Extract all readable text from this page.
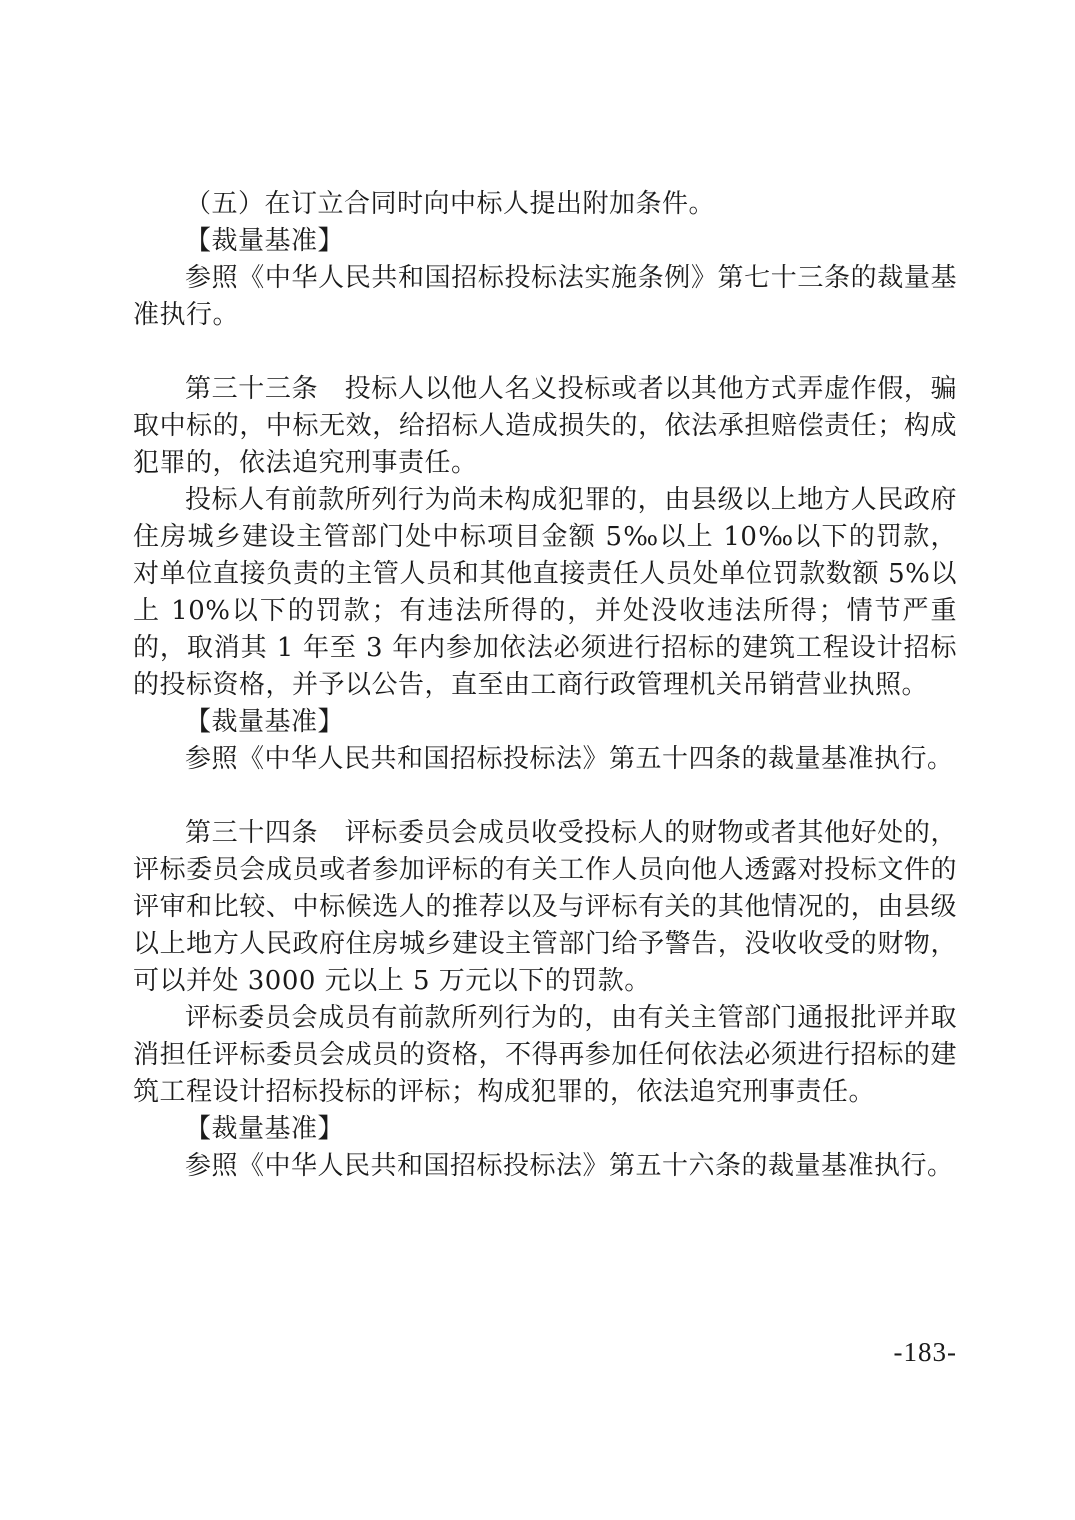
（五）在订立合同时向中标人提出附加条件。

【裁量基准】

参照《中华人民共和国招标投标法实施条例》第七十三条的裁量基准执行。

第三十三条　投标人以他人名义投标或者以其他方式弄虚作假，骗取中标的，中标无效，给招标人造成损失的，依法承担赔偿责任；构成犯罪的，依法追究刑事责任。

投标人有前款所列行为尚未构成犯罪的，由县级以上地方人民政府住房城乡建设主管部门处中标项目金额 5‰以上 10‰以下的罚款，对单位直接负责的主管人员和其他直接责任人员处单位罚款数额 5%以上 10%以下的罚款；有违法所得的，并处没收违法所得；情节严重的，取消其 1 年至 3 年内参加依法必须进行招标的建筑工程设计招标的投标资格，并予以公告，直至由工商行政管理机关吊销营业执照。

【裁量基准】

参照《中华人民共和国招标投标法》第五十四条的裁量基准执行。

第三十四条　评标委员会成员收受投标人的财物或者其他好处的，评标委员会成员或者参加评标的有关工作人员向他人透露对投标文件的评审和比较、中标候选人的推荐以及与评标有关的其他情况的，由县级以上地方人民政府住房城乡建设主管部门给予警告，没收收受的财物，可以并处 3000 元以上 5 万元以下的罚款。

评标委员会成员有前款所列行为的，由有关主管部门通报批评并取消担任评标委员会成员的资格，不得再参加任何依法必须进行招标的建筑工程设计招标投标的评标；构成犯罪的，依法追究刑事责任。

【裁量基准】

参照《中华人民共和国招标投标法》第五十六条的裁量基准执行。

-183-
